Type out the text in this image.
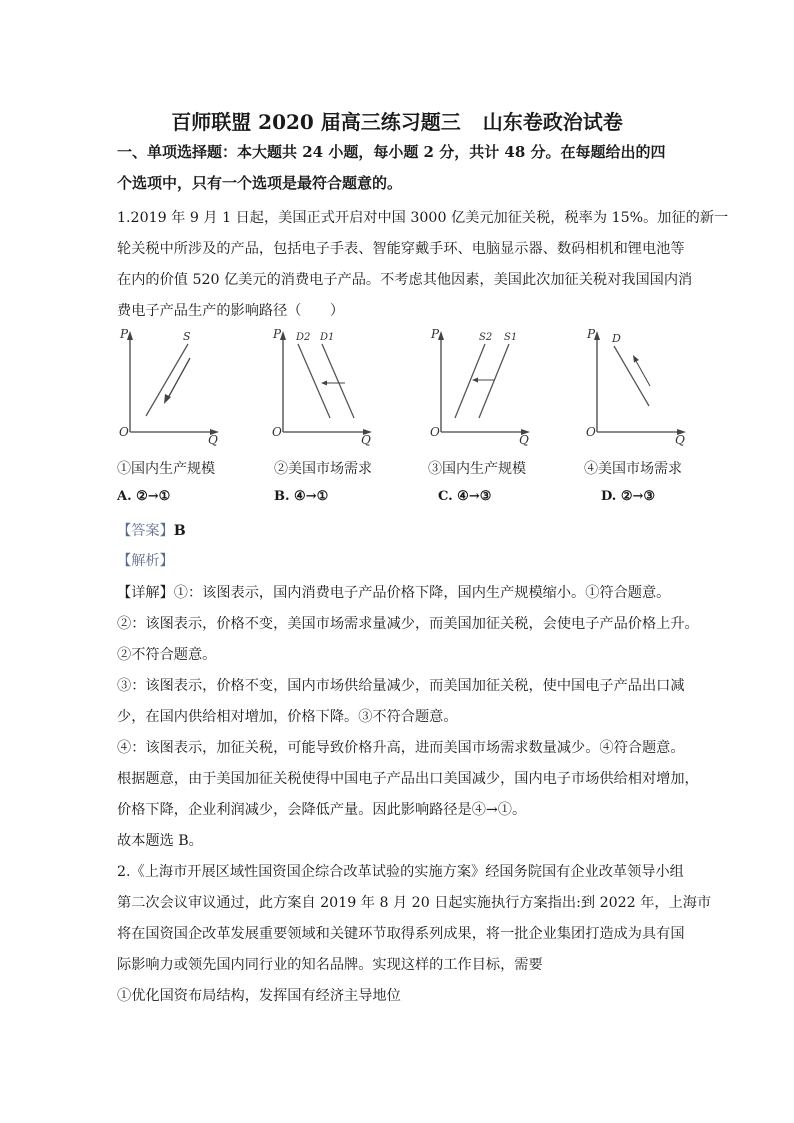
百师联盟 2020 届高三练习题三 山东卷政治试卷
一、单项选择题：本大题共 24 小题，每小题 2 分，共计 48 分。在每题给出的四
个选项中，只有一个选项是最符合题意的。
1.2019 年 9 月 1 日起，美国正式开启对中国 3000 亿美元加征关税，税率为 15%。加征的新一
轮关税中所涉及的产品，包括电子手表、智能穿戴手环、电脑显示器、数码相机和锂电池等
在内的价值 520 亿美元的消费电子产品。不考虑其他因素，美国此次加征关税对我国国内消
费电子产品生产的影响路径（　　）
P
O
Q
S	P
O
Q
D2 D1	P
O
Q
S2 S1	P
O
Q
D
①国内生产规模	②美国市场需求	③国内生产规模	④美国市场需求
A. ②→①	B. ④→①	C. ④→③	D. ②→③
【答案】B
【解析】
【详解】①：该图表示，国内消费电子产品价格下降，国内生产规模缩小。①符合题意。
②：该图表示，价格不变，美国市场需求量减少，而美国加征关税，会使电子产品价格上升。
②不符合题意。
③：该图表示，价格不变，国内市场供给量减少，而美国加征关税，使中国电子产品出口减
少，在国内供给相对增加，价格下降。③不符合题意。
④：该图表示，加征关税，可能导致价格升高，进而美国市场需求数量减少。④符合题意。
根据题意，由于美国加征关税使得中国电子产品出口美国减少，国内电子市场供给相对增加，
价格下降，企业利润减少，会降低产量。因此影响路径是④→①。
故本题选 B。
2.《上海市开展区域性国资国企综合改革试验的实施方案》经国务院国有企业改革领导小组
第二次会议审议通过，此方案自 2019 年 8 月 20 日起实施执行方案指出:到 2022 年，上海市
将在国资国企改革发展重要领域和关键环节取得系列成果，将一批企业集团打造成为具有国
际影响力或领先国内同行业的知名品牌。实现这样的工作目标，需要
①优化国资布局结构，发挥国有经济主导地位
